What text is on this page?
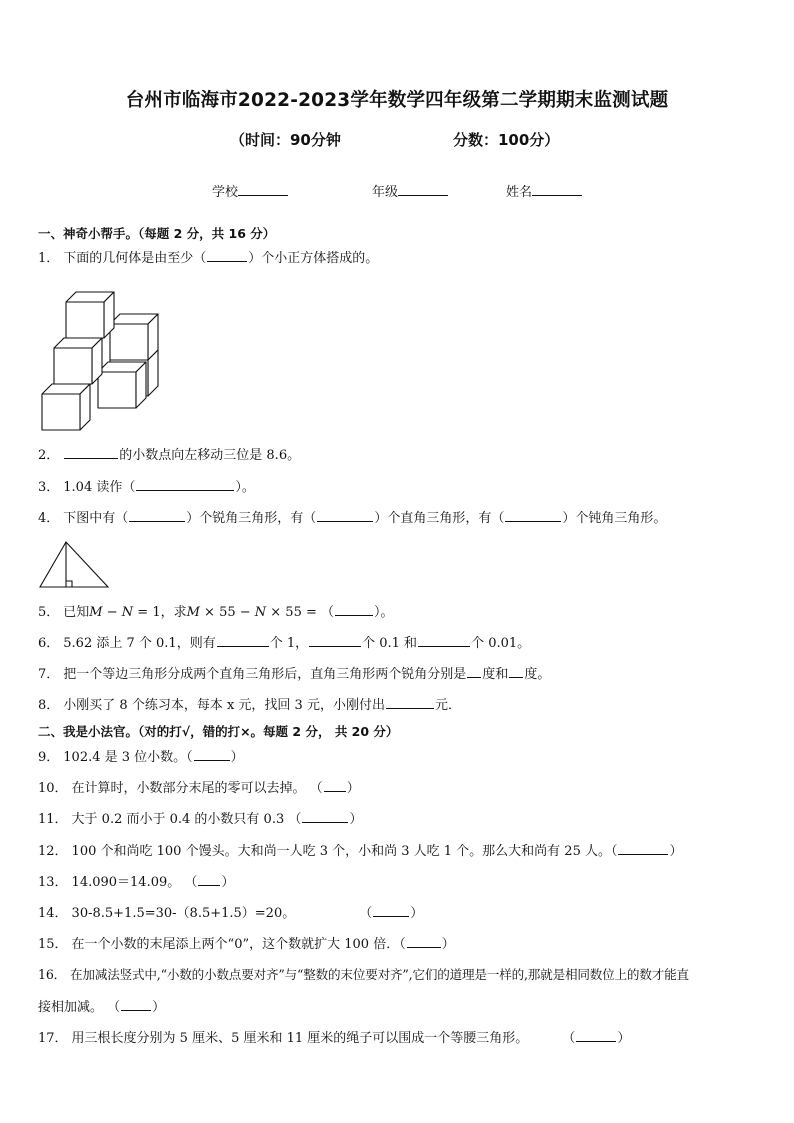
台州市临海市2022-2023学年数学四年级第二学期期末监测试题
（时间：90分钟	分数：100分）
学校	年级	姓名
一、神奇小帮手。（每题 2 分，共 16 分）
1． 下面的几何体是由至少（	）个小正方体搭成的。
2．	的小数点向左移动三位是 8.6。
3． 1.04 读作（	）。
4． 下图中有（	）个锐角三角形，有（	）个直角三角形，有（	）个钝角三角形。
5． 已知M − N = 1，求M × 55 − N × 55 = （	）。
6． 5.62 添上 7 个 0.1，则有	个 1，	个 0.1 和	个 0.01。
7． 把一个等边三角形分成两个直角三角形后，直角三角形两个锐角分别是 度和 度。
8． 小刚买了 8 个练习本，每本 x 元，找回 3 元，小刚付出	元．
二、我是小法官。（对的打√，错的打×。每题 2 分， 共 20 分）
9． 102.4 是 3 位小数。（	）
10． 在计算时，小数部分末尾的零可以去掉。 （ ）
11． 大于 0.2 而小于 0.4 的小数只有 0.3 （	）
12． 100 个和尚吃 100 个馒头。大和尚一人吃 3 个，小和尚 3 人吃 1 个。那么大和尚有 25 人。（	）
13． 14.090＝14.09。 （ ）
14． 30-8.5+1.5=30-（8.5+1.5）=20。	（	）
15． 在一个小数的末尾添上两个“0”，这个数就扩大 100 倍．（	）
16． 在加减法竖式中,“小数的小数点要对齐”与“整数的末位要对齐”,它们的道理是一样的,那就是相同数位上的数才能直
接相加减。 （ ）
17． 用三根长度分别为 5 厘米、5 厘米和 11 厘米的绳子可以围成一个等腰三角形。	（	）
